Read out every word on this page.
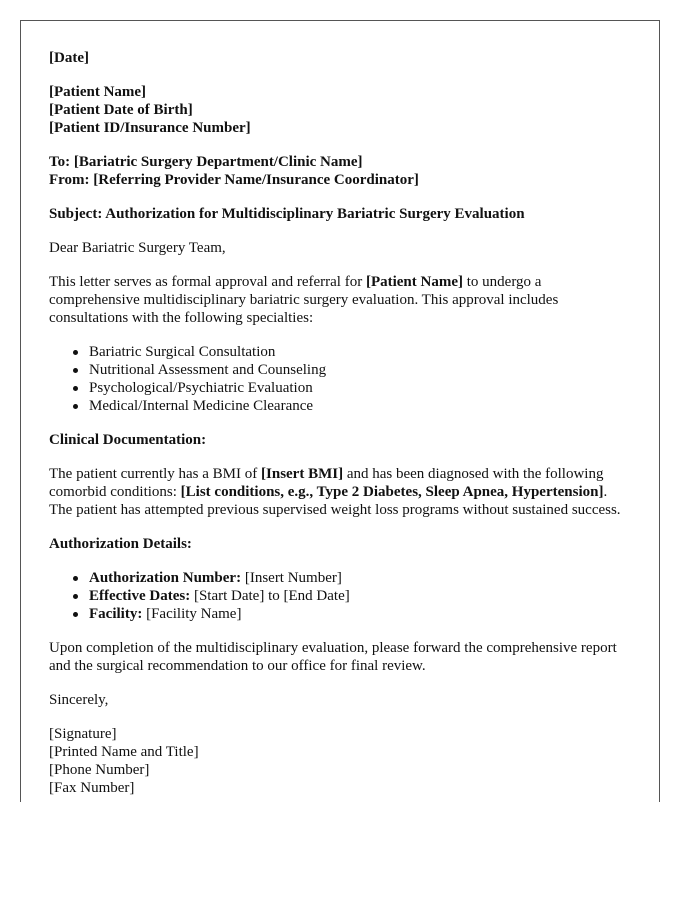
[Date]

[Patient Name]
[Patient Date of Birth]
[Patient ID/Insurance Number]

To: [Bariatric Surgery Department/Clinic Name]
From: [Referring Provider Name/Insurance Coordinator]

Subject: Authorization for Multidisciplinary Bariatric Surgery Evaluation

Dear Bariatric Surgery Team,

This letter serves as formal approval and referral for [Patient Name] to undergo a comprehensive multidisciplinary bariatric surgery evaluation. This approval includes consultations with the following specialties:

Bariatric Surgical Consultation
Nutritional Assessment and Counseling
Psychological/Psychiatric Evaluation
Medical/Internal Medicine Clearance

Clinical Documentation:

The patient currently has a BMI of [Insert BMI] and has been diagnosed with the following comorbid conditions: [List conditions, e.g., Type 2 Diabetes, Sleep Apnea, Hypertension]. The patient has attempted previous supervised weight loss programs without sustained success.

Authorization Details:

Authorization Number: [Insert Number]
Effective Dates: [Start Date] to [End Date]
Facility: [Facility Name]

Upon completion of the multidisciplinary evaluation, please forward the comprehensive report and the surgical recommendation to our office for final review.

Sincerely,

[Signature]
[Printed Name and Title]
[Phone Number]
[Fax Number]
